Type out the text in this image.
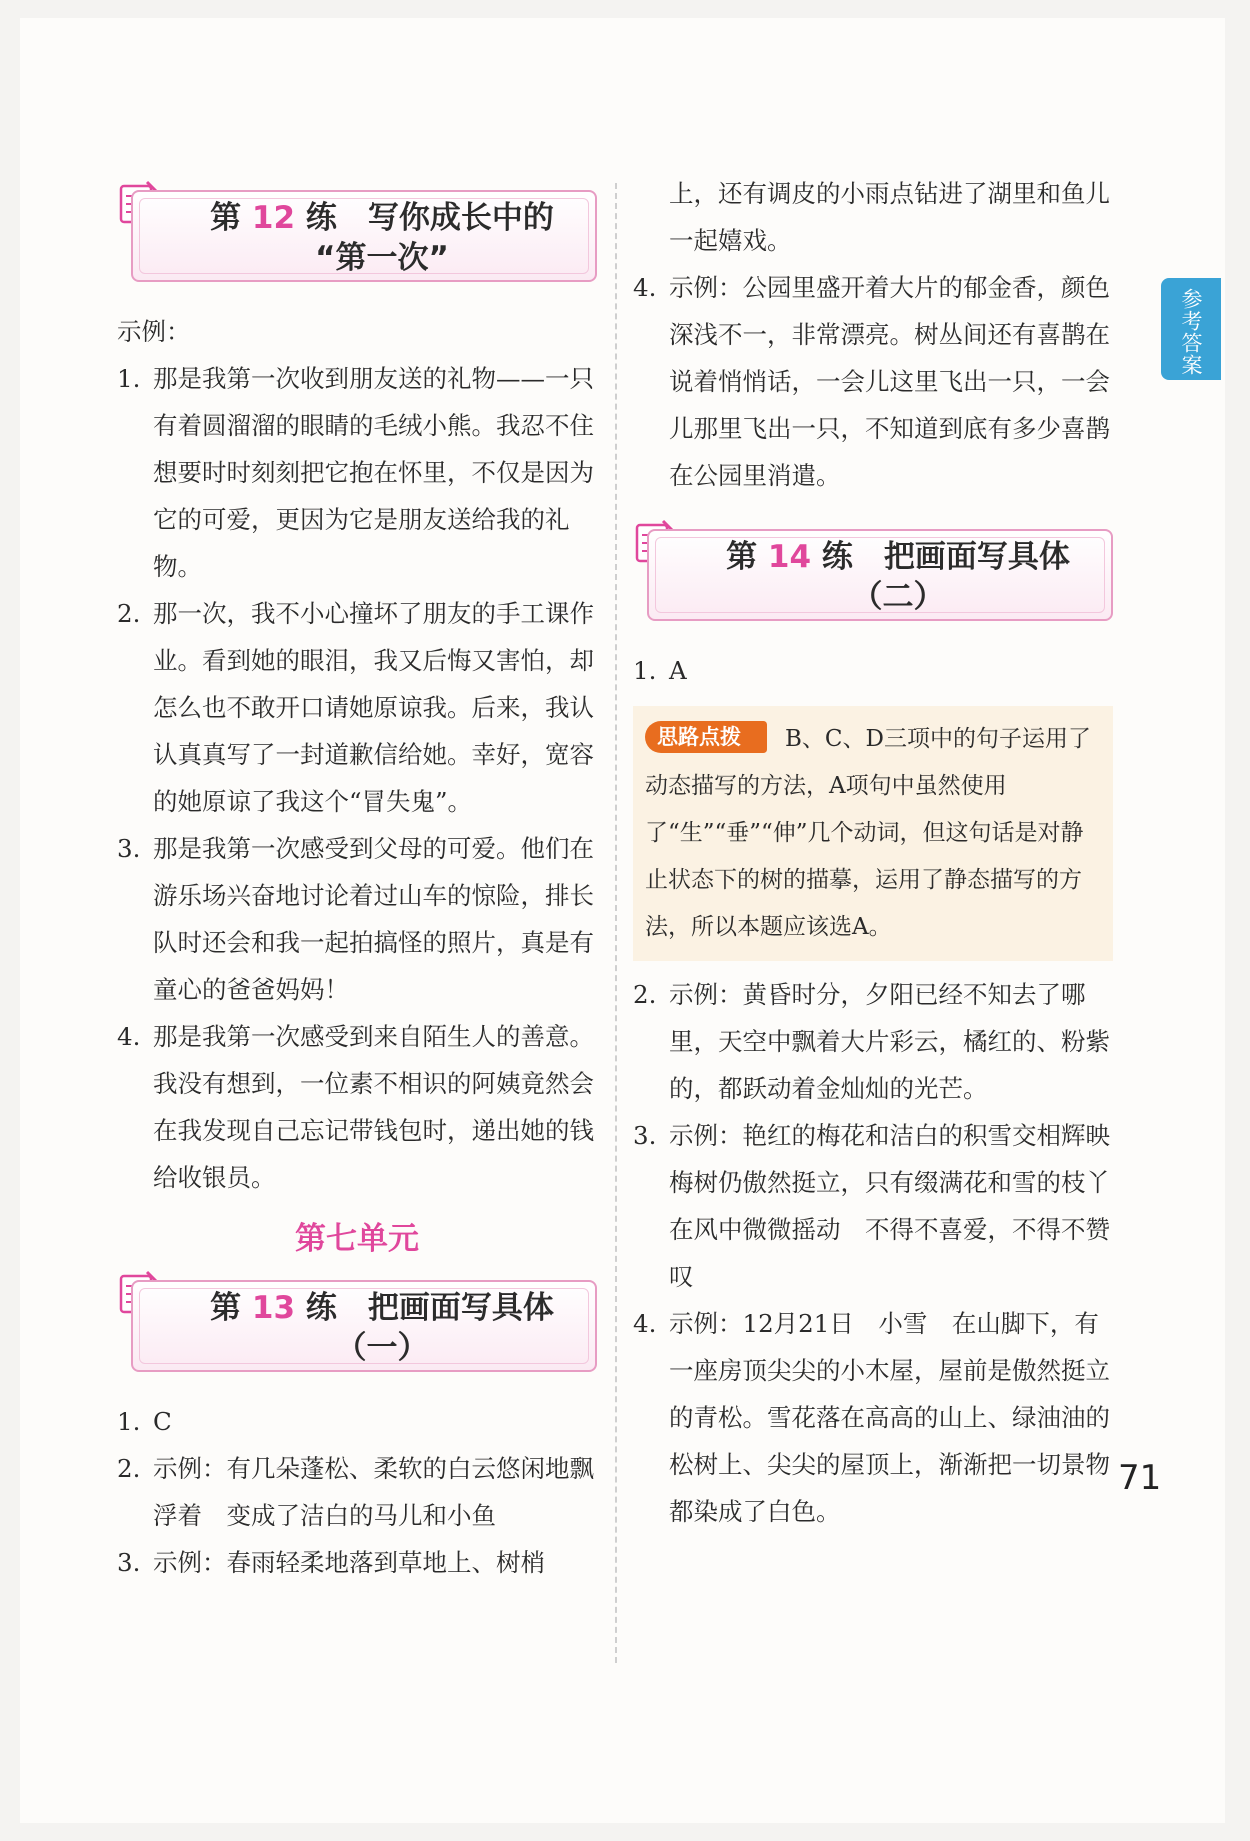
第 12 练　写你成长中的
“第一次”

示例：

1. 那是我第一次收到朋友送的礼物——一只有着圆溜溜的眼睛的毛绒小熊。我忍不住想要时时刻刻把它抱在怀里，不仅是因为它的可爱，更因为它是朋友送给我的礼物。
2. 那一次，我不小心撞坏了朋友的手工课作业。看到她的眼泪，我又后悔又害怕，却怎么也不敢开口请她原谅我。后来，我认认真真写了一封道歉信给她。幸好，宽容的她原谅了我这个“冒失鬼”。
3. 那是我第一次感受到父母的可爱。他们在游乐场兴奋地讨论着过山车的惊险，排长队时还会和我一起拍搞怪的照片，真是有童心的爸爸妈妈！
4. 那是我第一次感受到来自陌生人的善意。我没有想到，一位素不相识的阿姨竟然会在我发现自己忘记带钱包时，递出她的钱给收银员。
第七单元
第 13 练　把画面写具体
（一）
1. C
2. 示例：有几朵蓬松、柔软的白云悠闲地飘浮着　变成了洁白的马儿和小鱼
3. 示例：春雨轻柔地落到草地上、树梢
上，还有调皮的小雨点钻进了湖里和鱼儿一起嬉戏。
4. 示例：公园里盛开着大片的郁金香，颜色深浅不一，非常漂亮。树丛间还有喜鹊在说着悄悄话，一会儿这里飞出一只，一会儿那里飞出一只，不知道到底有多少喜鹊在公园里消遣。
第 14 练　把画面写具体
（二）
1. A
思路点拨 B、C、D三项中的句子运用了动态描写的方法，A项句中虽然使用了“生”“垂”“伸”几个动词，但这句话是对静止状态下的树的描摹，运用了静态描写的方法，所以本题应该选A。
2. 示例：黄昏时分，夕阳已经不知去了哪里，天空中飘着大片彩云，橘红的、粉紫的，都跃动着金灿灿的光芒。
3. 示例：艳红的梅花和洁白的积雪交相辉映　梅树仍傲然挺立，只有缀满花和雪的枝丫在风中微微摇动　不得不喜爱，不得不赞叹
4. 示例：12月21日　小雪　在山脚下，有一座房顶尖尖的小木屋，屋前是傲然挺立的青松。雪花落在高高的山上、绿油油的松树上、尖尖的屋顶上，渐渐把一切景物都染成了白色。
参考答案
71
